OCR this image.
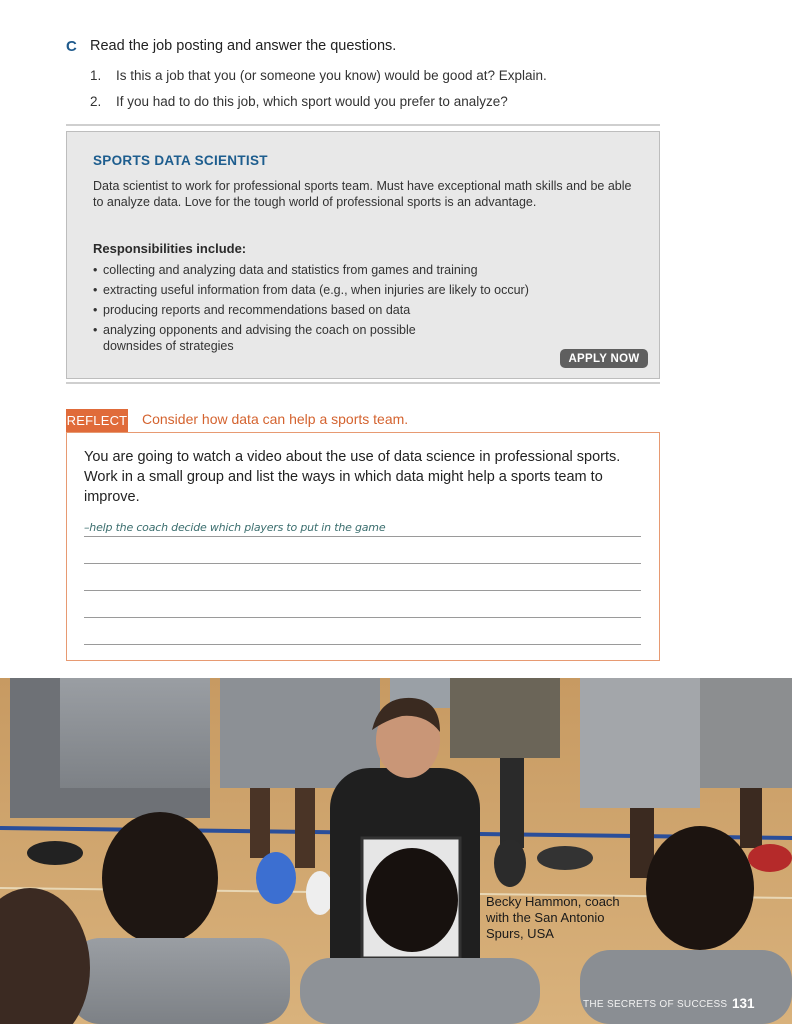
C Read the job posting and answer the questions.
1. Is this a job that you (or someone you know) would be good at? Explain.
2. If you had to do this job, which sport would you prefer to analyze?
SPORTS DATA SCIENTIST
Data scientist to work for professional sports team. Must have exceptional math skills and be able to analyze data. Love for the tough world of professional sports is an advantage.
Responsibilities include:
• collecting and analyzing data and statistics from games and training
• extracting useful information from data (e.g., when injuries are likely to occur)
• producing reports and recommendations based on data
• analyzing opponents and advising the coach on possible downsides of strategies
APPLY NOW
REFLECT Consider how data can help a sports team.
You are going to watch a video about the use of data science in professional sports. Work in a small group and list the ways in which data might help a sports team to improve.
–help the coach decide which players to put in the game
Becky Hammon, coach with the San Antonio Spurs, USA
THE SECRETS OF SUCCESS 131
